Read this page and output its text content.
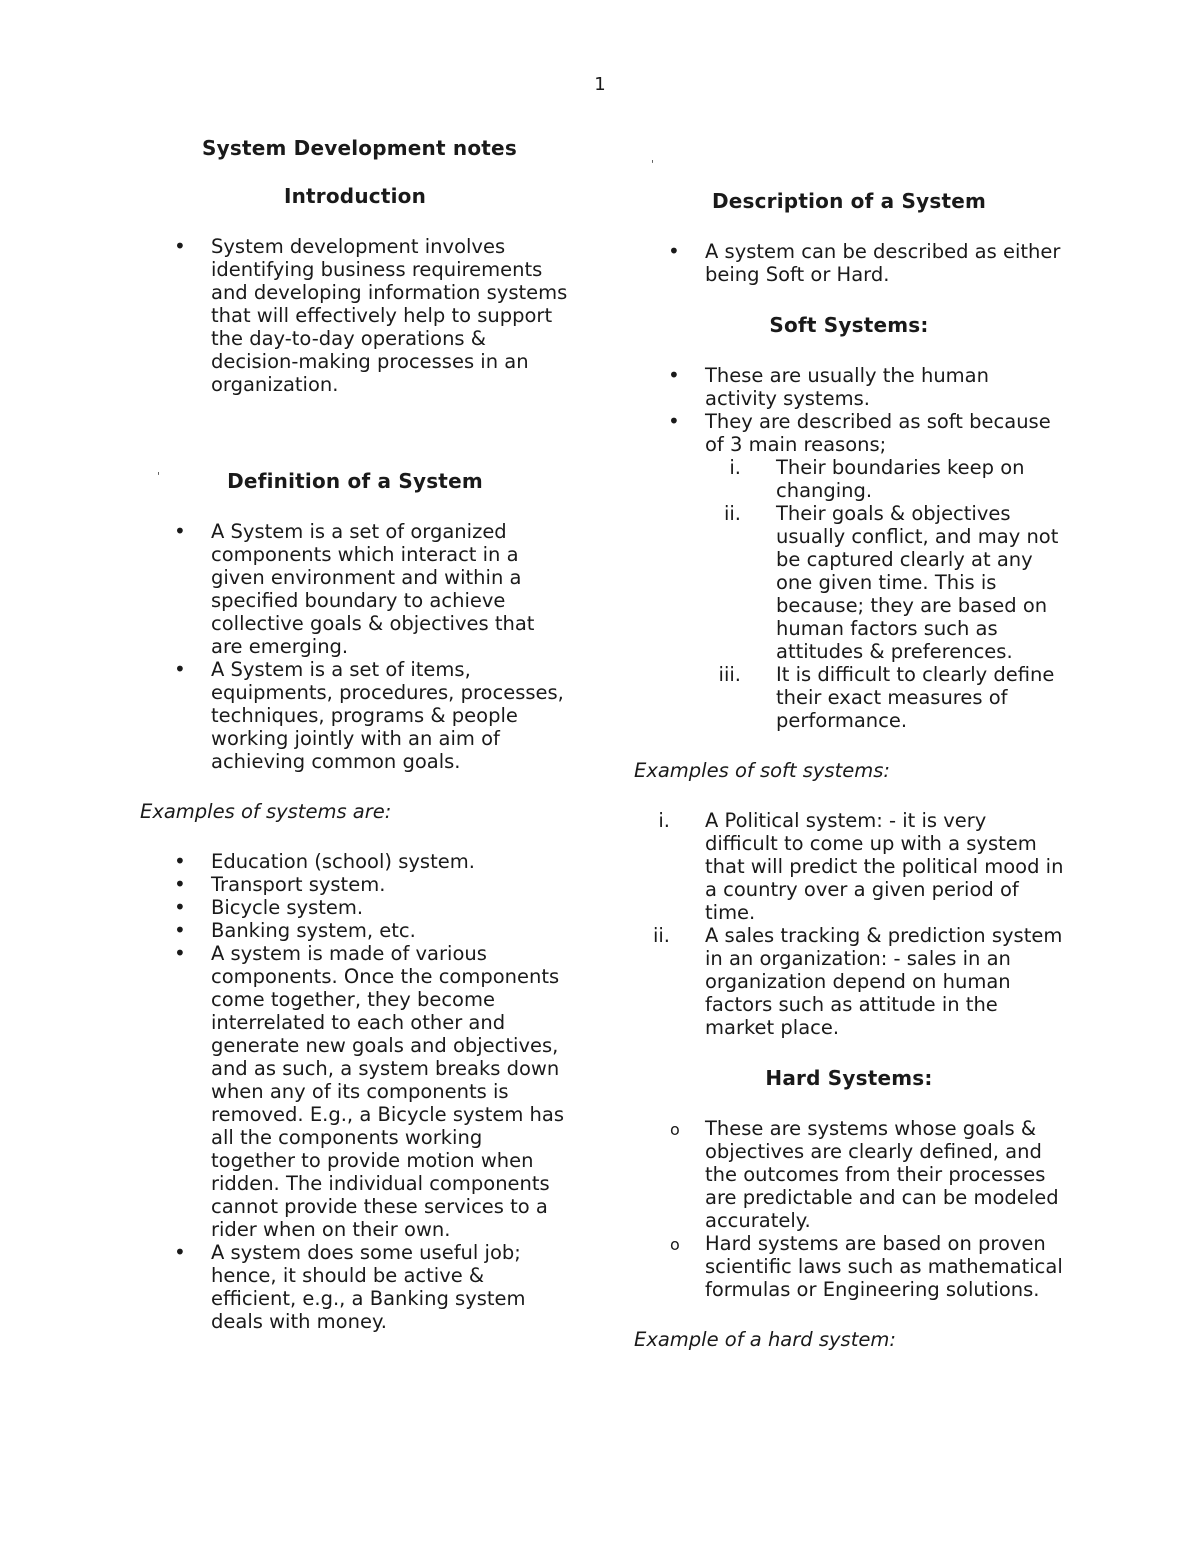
1
'
'
System Development notes
Introduction
• System development involves identifying business requirements and developing information systems that will effectively help to support the day-to-day operations & decision-making processes in an organization.
Definition of a System
• A System is a set of organized components which interact in a given environment and within a specified boundary to achieve collective goals & objectives that are emerging.
• A System is a set of items, equipments, procedures, processes, techniques, programs & people working jointly with an aim of achieving common goals.

Examples of systems are:

• Education (school) system.
• Transport system.
• Bicycle system.
• Banking system, etc.
• A system is made of various components. Once the components come together, they become interrelated to each other and generate new goals and objectives, and as such, a system breaks down when any of its components is removed. E.g., a Bicycle system has all the components working together to provide motion when ridden. The individual components cannot provide these services to a rider when on their own.
• A system does some useful job; hence, it should be active & efficient, e.g., a Banking system deals with money.
Description of a System
• A system can be described as either being Soft or Hard.
Soft Systems:
• These are usually the human activity systems.
• They are described as soft because of 3 main reasons;
i. Their boundaries keep on changing.
ii. Their goals & objectives usually conflict, and may not be captured clearly at any one given time. This is because; they are based on human factors such as attitudes & preferences.
iii. It is difficult to clearly define their exact measures of performance.

Examples of soft systems:

i. A Political system: - it is very difficult to come up with a system that will predict the political mood in a country over a given period of time.
ii. A sales tracking & prediction system in an organization: - sales in an organization depend on human factors such as attitude in the market place.
Hard Systems:
o These are systems whose goals & objectives are clearly defined, and the outcomes from their processes are predictable and can be modeled accurately.
o Hard systems are based on proven scientific laws such as mathematical formulas or Engineering solutions.

Example of a hard system:
